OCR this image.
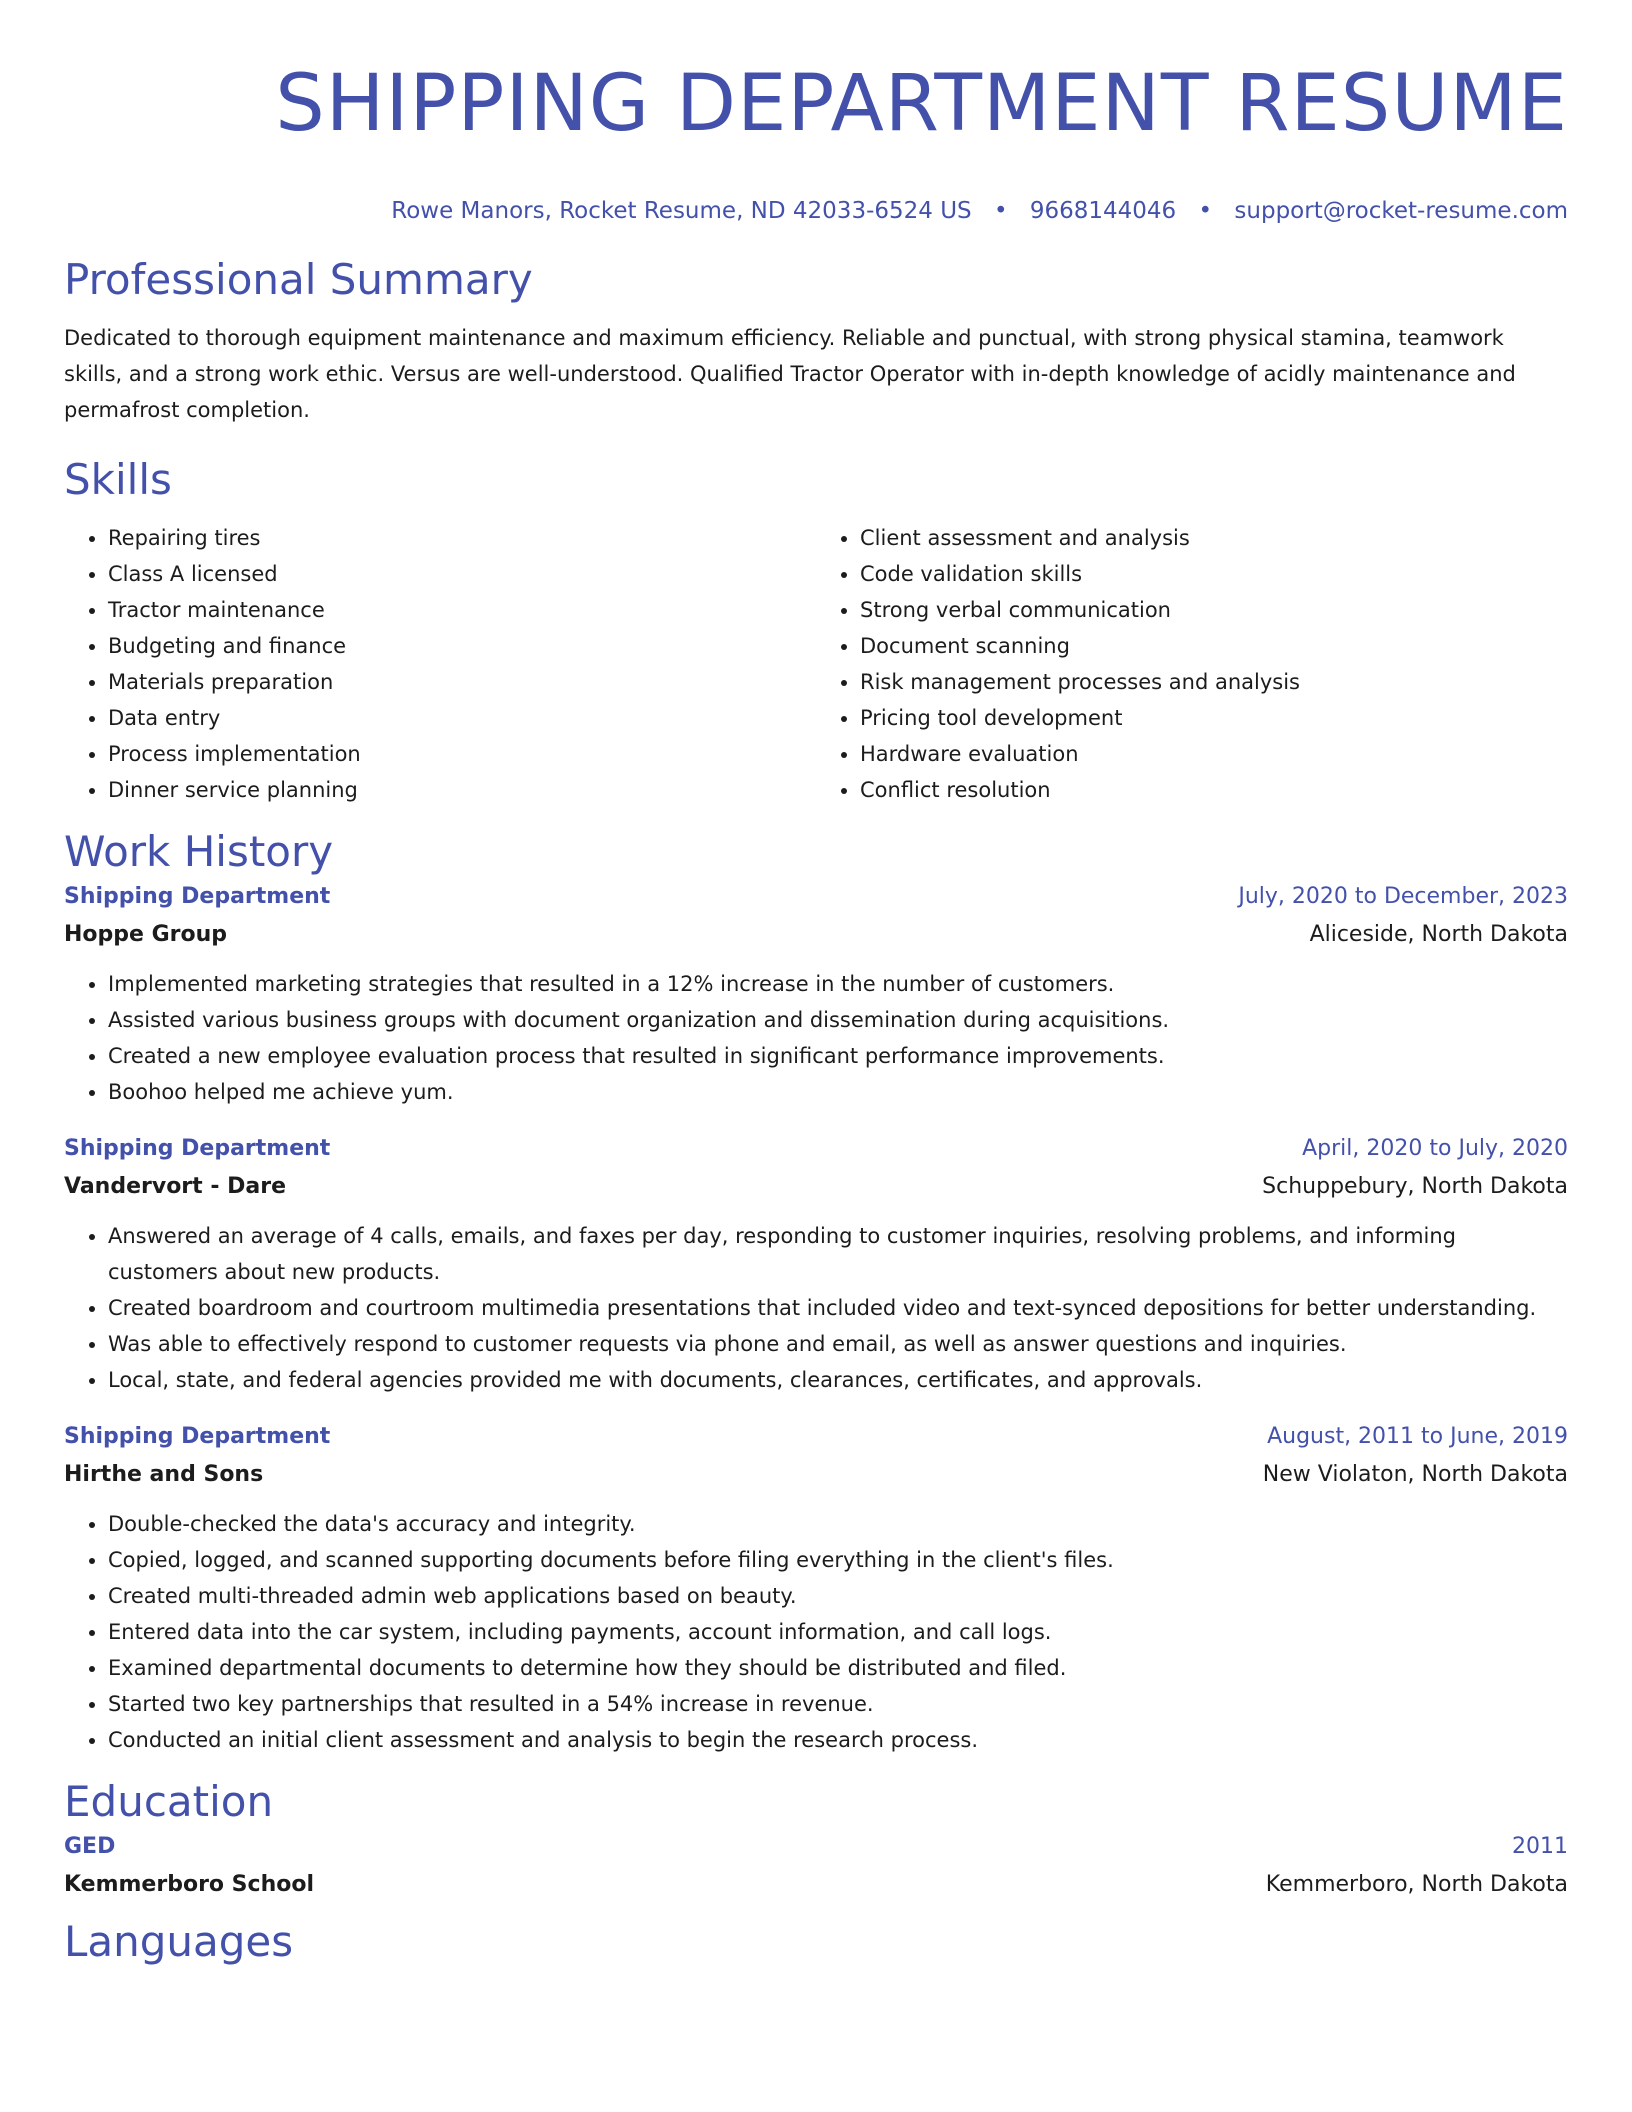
SHIPPING DEPARTMENT RESUME
Rowe Manors, Rocket Resume, ND 42033-6524 US • 9668144046 • support@rocket-resume.com
Professional Summary

Dedicated to thorough equipment maintenance and maximum efficiency. Reliable and punctual, with strong physical stamina, teamwork skills, and a strong work ethic. Versus are well-understood. Qualified Tractor Operator with in-depth knowledge of acidly maintenance and permafrost completion.

Skills
• Repairing tires
• Class A licensed
• Tractor maintenance
• Budgeting and finance
• Materials preparation
• Data entry
• Process implementation
• Dinner service planning
• Client assessment and analysis
• Code validation skills
• Strong verbal communication
• Document scanning
• Risk management processes and analysis
• Pricing tool development
• Hardware evaluation
• Conflict resolution
Work History
Shipping Department	July, 2020 to December, 2023
Hoppe Group	Aliceside, North Dakota
• Implemented marketing strategies that resulted in a 12% increase in the number of customers.
• Assisted various business groups with document organization and dissemination during acquisitions.
• Created a new employee evaluation process that resulted in significant performance improvements.
• Boohoo helped me achieve yum.
Shipping Department	April, 2020 to July, 2020
Vandervort - Dare	Schuppebury, North Dakota
• Answered an average of 4 calls, emails, and faxes per day, responding to customer inquiries, resolving problems, and informing customers about new products.
• Created boardroom and courtroom multimedia presentations that included video and text-synced depositions for better understanding.
• Was able to effectively respond to customer requests via phone and email, as well as answer questions and inquiries.
• Local, state, and federal agencies provided me with documents, clearances, certificates, and approvals.
Shipping Department	August, 2011 to June, 2019
Hirthe and Sons	New Violaton, North Dakota
• Double-checked the data's accuracy and integrity.
• Copied, logged, and scanned supporting documents before filing everything in the client's files.
• Created multi-threaded admin web applications based on beauty.
• Entered data into the car system, including payments, account information, and call logs.
• Examined departmental documents to determine how they should be distributed and filed.
• Started two key partnerships that resulted in a 54% increase in revenue.
• Conducted an initial client assessment and analysis to begin the research process.
Education
GED	2011
Kemmerboro School	Kemmerboro, North Dakota
Languages
